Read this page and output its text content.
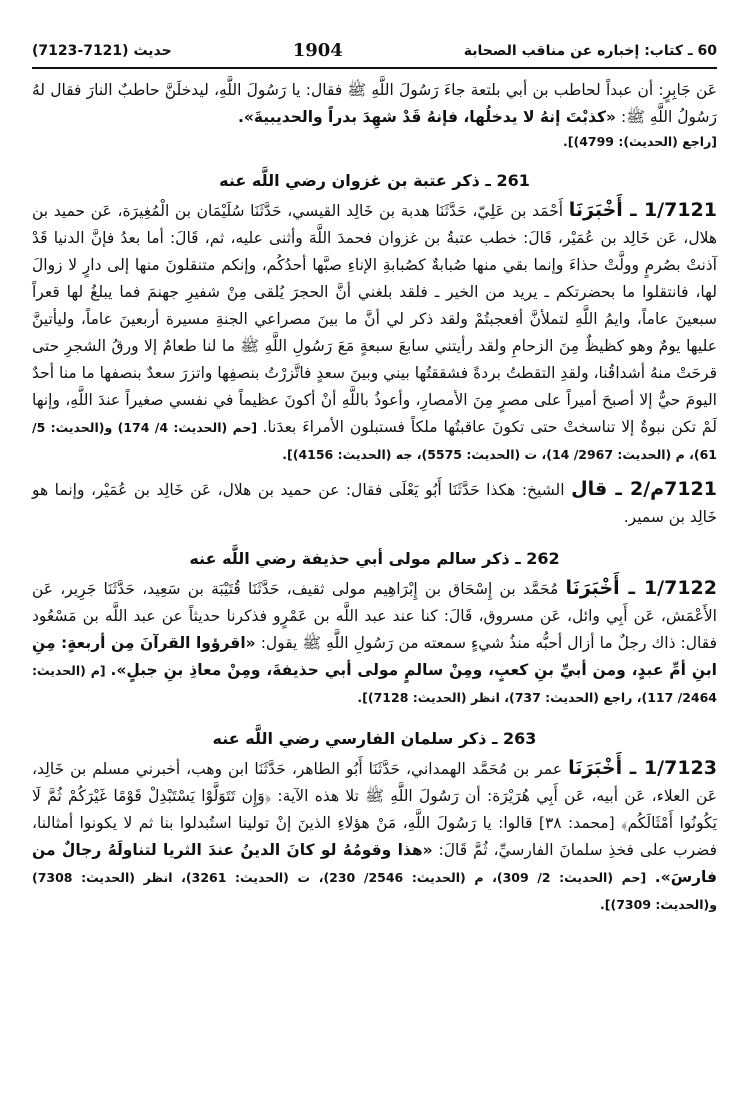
60 ـ كتاب: إخباره عن مناقب الصحابة
1904
حديث (7121-7123)

عَن جَابِرٍ: أن عبداً لحاطب بن أبي بلتعة جاءَ رَسُولَ اللَّهِ ﷺ فقال: يا رَسُولَ اللَّهِ، ليدخلَنَّ حاطبٌ النارَ فقال لهُ رَسُولُ اللَّهِ ﷺ: «كذبْتَ إنهُ لا يدخلُها، فإنهُ قَدْ شهِدَ بدراً والحديبيةَ».

[راجع (الحديث): 4799)].

261 ـ ذكر عتبة بن غزوان رضي اللَّه عنه

1/7121 ـ أَخْبَرَنَا أَحْمَد بن عَلِيّ، حَدَّثَنَا هدبة بن خَالِد القيسي، حَدَّثَنَا سُلَيْمَان بن الْمُغِيرَة، عَن حميد بن هلال، عَن خَالِد بن عُمَيْر، قَالَ: خطب عتبةُ بن غزوان فحمدَ اللَّهَ وأثنى عليه، ثم، قَالَ: أما بعدُ فإنَّ الدنيا قَدْ آذنتْ بصُرمٍ وولَّتْ حذاءَ وإنما بقي منها صُبابةٌ كصُبابةِ الإناءِ صبَّها أحدُكُم، وإنكم متنقلونَ منها إلى دارٍ لا زوالَ لها، فانتقلوا ما بحضرتكم ـ يريد من الخير ـ فلقد بلغني أنَّ الحجرَ يُلقى مِنْ شفيرِ جهنمَ فما يبلغُ لها قعراً سبعينَ عاماً، وايمُ اللَّهِ لتملأنَّ أفعجبتُمْ ولقد ذكر لي أنَّ ما بينَ مصراعي الجنةِ مسيرة أربعينَ عاماً، وليأتينَّ عليها يومٌ وهو كظيظٌ مِنَ الزحامِ ولقد رأيتني سابعَ سبعةٍ مَعَ رَسُولِ اللَّهِ ﷺ ما لنا طعامٌ إلا ورقُ الشجرِ حتى قرحَتْ منهُ أشداقُنا، ولقدِ التقطتُ بردةً فشققتُها بيني وبينَ سعدٍ فاتَّزرْتُ بنصفِها واتزرَ سعدٌ بنصفها ما منا أحدٌ اليومَ حيٌّ إلا أصبحَ أميراً على مصرٍ مِنَ الأمصارِ، وأعوذُ باللَّهِ أنْ أكونَ عظيماً في نفسي صغيراً عندَ اللَّهِ، وإنها لَمْ تكن نبوةٌ إلا تناسختْ حتى تكونَ عاقبتُها ملكاً فستبلون الأمراءَ بعدَنا. [حم (الحديث: 4/ 174) و(الحديث: 5/ 61)، م (الحديث: 2967/ 14)، ت (الحديث: 5575)، جه (الحديث: 4156)].

7121م/2 ـ قال الشيخ: هكذا حَدَّثَنَا أَبُو يَعْلَى فقال: عن حميد بن هلال، عَن خَالِد بن عُمَيْر، وإنما هو خَالِد بن سمير.

262 ـ ذكر سالم مولى أبي حذيفة رضي اللَّه عنه

1/7122 ـ أَخْبَرَنَا مُحَمَّد بن إِسْحَاق بن إِبْرَاهِيم مولى ثقيف، حَدَّثَنَا قُتَيْبَة بن سَعِيد، حَدَّثَنَا جَرِير، عَن الأَعْمَش، عَن أَبِي وائل، عَن مسروق، قَالَ: كنا عند عبد اللَّه بن عَمْرٍو فذكرنا حديثاً عن عبد اللَّه بن مَسْعُود فقال: ذاك رجلٌ ما أزال أحبُّه منذُ شيءٍ سمعته من رَسُولِ اللَّهِ ﷺ يقول: «اقرؤوا القرآنَ مِن أربعةٍ: مِنِ ابنِ أمِّ عبدٍ، ومن أبيِّ بنِ كعبٍ، ومِنْ سالمٍ مولى أبي حذيفةَ، ومِنْ معاذِ بنِ جبلٍ». [م (الحديث: 2464/ 117)، راجع (الحديث: 737)، انظر (الحديث: 7128)].

263 ـ ذكر سلمان الفارسي رضي اللَّه عنه

1/7123 ـ أَخْبَرَنَا عمر بن مُحَمَّد الهمداني، حَدَّثَنَا أَبُو الطاهر، حَدَّثَنَا ابن وهب، أخبرني مسلم بن خَالِد، عَن العلاء، عَن أبيه، عَن أَبِي هُرَيْرَة: أن رَسُولَ اللَّهِ ﷺ تلا هذه الآية: ﴿وَإِن تَتَوَلَّوْا يَسْتَبْدِلْ قَوْمًا غَيْرَكُمْ ثُمَّ لَا يَكُونُوا أَمْثَالَكُم﴾ [محمد: ٣٨] قالوا: يا رَسُولَ اللَّهِ، مَنْ هؤلاءِ الذينَ إنْ تولينا استُبدلوا بنا ثم لا يكونوا أمثالنا، فضرب على فخذِ سلمانَ الفارسيِّ، ثُمَّ قَالَ: «هذا وقومُهُ لو كانَ الدينُ عندَ الثريا لتناولَهُ رجالٌ من فارسَ». [حم (الحديث: 2/ 309)، م (الحديث: 2546/ 230)، ت (الحديث: 3261)، انظر (الحديث: 7308) و(الحديث: 7309)].
